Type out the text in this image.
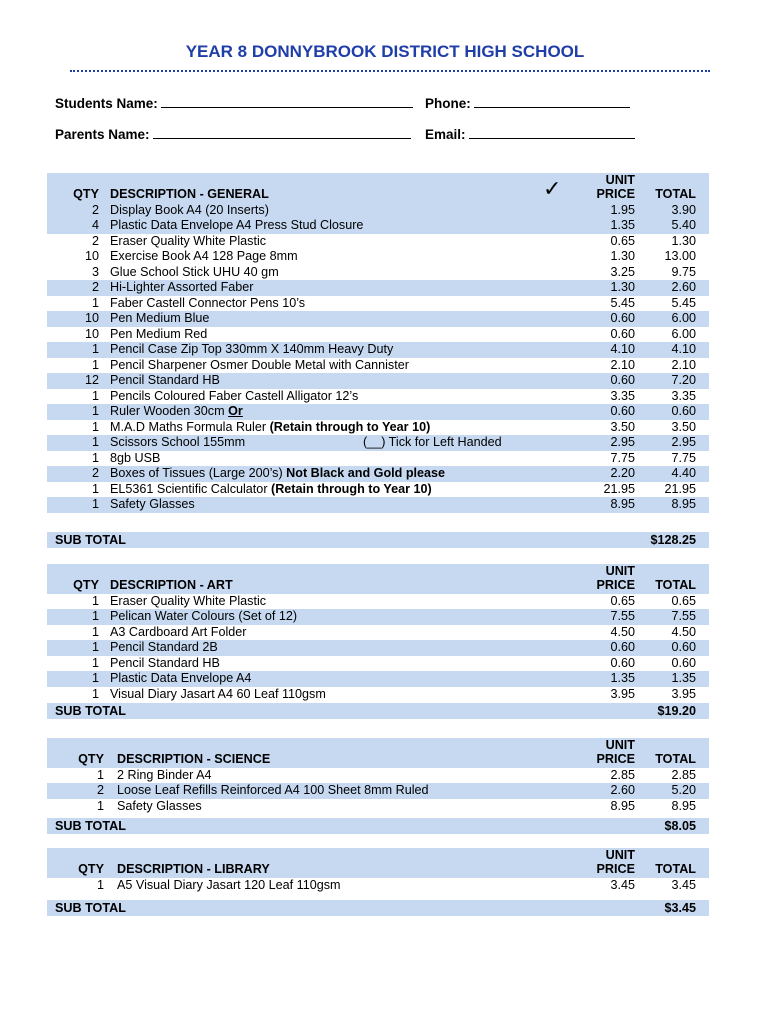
YEAR 8 DONNYBROOK DISTRICT HIGH SCHOOL
Students Name:	Phone:
Parents Name:	Email:
UNIT
QTY DESCRIPTION - GENERAL	✓	PRICE TOTAL
2 Display Book A4 (20 Inserts)	1.95	3.90
4 Plastic Data Envelope A4 Press Stud Closure	1.35	5.40
2 Eraser Quality White Plastic	0.65	1.30
10 Exercise Book A4 128 Page 8mm	1.30 13.00
3 Glue School Stick UHU 40 gm	3.25	9.75
2 Hi-Lighter Assorted Faber	1.30	2.60
1 Faber Castell Connector Pens 10’s	5.45	5.45
10 Pen Medium Blue	0.60	6.00
10 Pen Medium Red	0.60	6.00
1 Pencil Case Zip Top 330mm X 140mm Heavy Duty	4.10	4.10
1 Pencil Sharpener Osmer Double Metal with Cannister	2.10	2.10
12 Pencil Standard HB	0.60	7.20
1 Pencils Coloured Faber Castell Alligator 12’s	3.35	3.35
1 Ruler Wooden 30cm Or	0.60	0.60
1 M.A.D Maths Formula Ruler (Retain through to Year 10)	3.50	3.50
1 Scissors School 155mm	(__) Tick for Left Handed	2.95	2.95
1 8gb USB	7.75	7.75
2 Boxes of Tissues (Large 200’s) Not Black and Gold please	2.20	4.40
1 EL5361 Scientific Calculator (Retain through to Year 10)	21.95 21.95
1 Safety Glasses	8.95	8.95
SUB TOTAL	$128.25
UNIT
QTY DESCRIPTION - ART	PRICE TOTAL
1 Eraser Quality White Plastic	0.65	0.65
1 Pelican Water Colours (Set of 12)	7.55	7.55
1 A3 Cardboard Art Folder	4.50	4.50
1 Pencil Standard 2B	0.60	0.60
1 Pencil Standard HB	0.60	0.60
1 Plastic Data Envelope A4	1.35	1.35
1 Visual Diary Jasart A4 60 Leaf 110gsm	3.95	3.95
SUB TOTAL	$19.20
UNIT
QTY DESCRIPTION - SCIENCE	PRICE TOTAL
1 2 Ring Binder A4	2.85	2.85
2 Loose Leaf Refills Reinforced A4 100 Sheet 8mm Ruled	2.60	5.20
1 Safety Glasses	8.95	8.95
SUB TOTAL	$8.05
UNIT
QTY DESCRIPTION - LIBRARY	PRICE TOTAL
1 A5 Visual Diary Jasart 120 Leaf 110gsm	3.45	3.45
SUB TOTAL	$3.45
